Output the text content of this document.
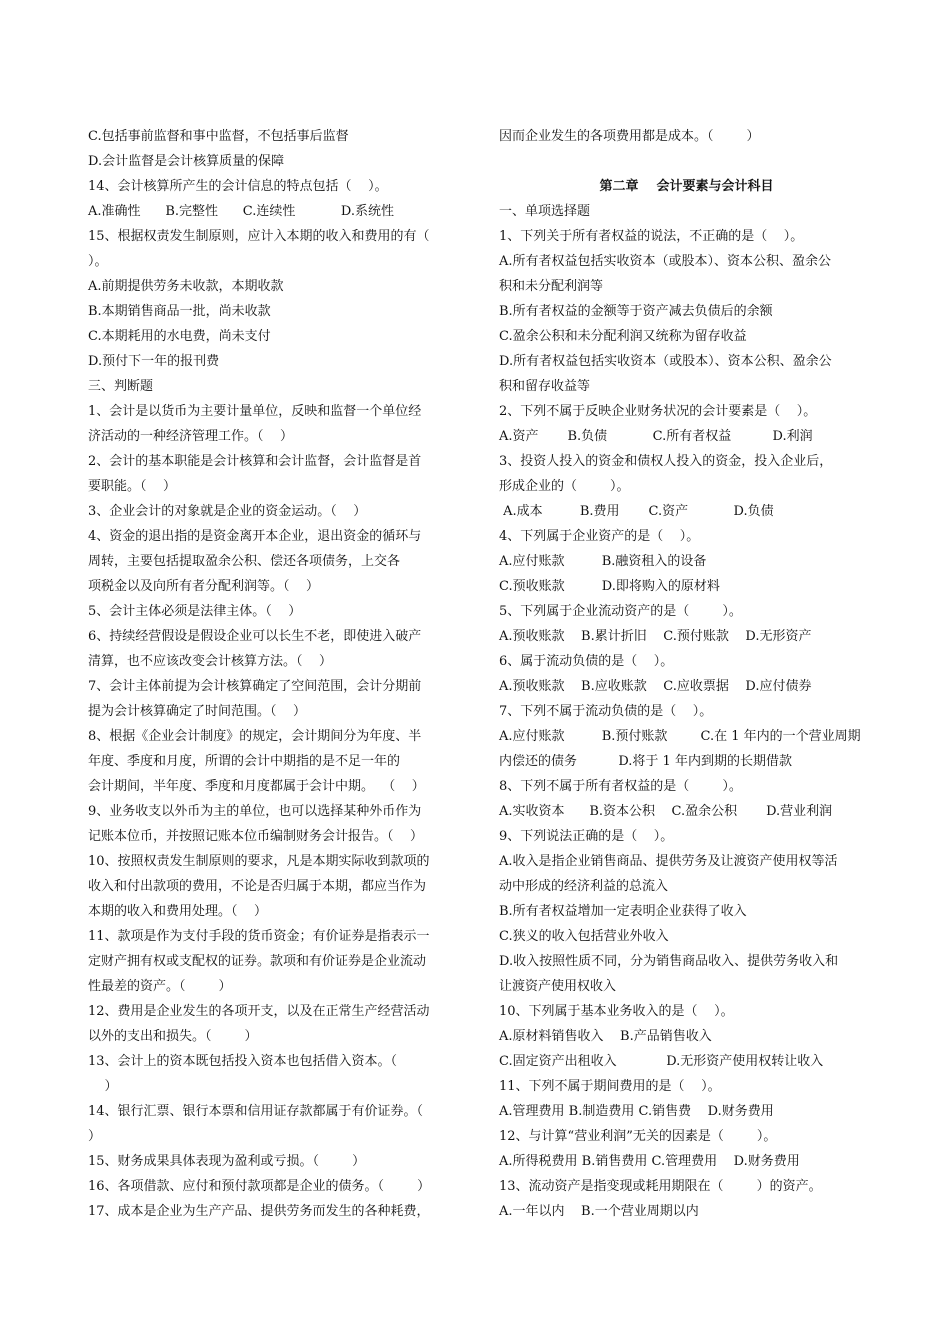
C.包括事前监督和事中监督，不包括事后监督
D.会计监督是会计核算质量的保障
14、会计核算所产生的会计信息的特点包括（    ）。
A.准确性      B.完整性      C.连续性           D.系统性
15、根据权责发生制原则，应计入本期的收入和费用的有（
）。
A.前期提供劳务未收款，本期收款
B.本期销售商品一批，尚未收款
C.本期耗用的水电费，尚未支付
D.预付下一年的报刊费
三、判断题
1、会计是以货币为主要计量单位，反映和监督一个单位经
济活动的一种经济管理工作。（    ）
2、会计的基本职能是会计核算和会计监督，会计监督是首
要职能。（    ）
3、企业会计的对象就是企业的资金运动。（    ）
4、资金的退出指的是资金离开本企业，退出资金的循环与
周转，主要包括提取盈余公积、偿还各项债务，上交各
项税金以及向所有者分配利润等。（    ）
5、会计主体必须是法律主体。（    ）
6、持续经营假设是假设企业可以长生不老，即使进入破产
清算，也不应该改变会计核算方法。（    ）
7、会计主体前提为会计核算确定了空间范围，会计分期前
提为会计核算确定了时间范围。（    ）
8、根据《企业会计制度》的规定，会计期间分为年度、半
年度、季度和月度，所谓的会计中期指的是不足一年的
会计期间，半年度、季度和月度都属于会计中期。  （    ）
9、业务收支以外币为主的单位，也可以选择某种外币作为
记账本位币，并按照记账本位币编制财务会计报告。（    ）
10、按照权责发生制原则的要求，凡是本期实际收到款项的
收入和付出款项的费用，不论是否归属于本期，都应当作为
本期的收入和费用处理。（    ）
11、款项是作为支付手段的货币资金；有价证券是指表示一
定财产拥有权或支配权的证券。款项和有价证券是企业流动
性最差的资产。（        ）
12、费用是企业发生的各项开支，以及在正常生产经营活动
以外的支出和损失。（        ）
13、会计上的资本既包括投入资本也包括借入资本。（
）
14、银行汇票、银行本票和信用证存款都属于有价证券。（
）
15、财务成果具体表现为盈利或亏损。（        ）
16、各项借款、应付和预付款项都是企业的债务。（        ）
17、成本是企业为生产产品、提供劳务而发生的各种耗费，
因而企业发生的各项费用都是成本。（        ）
第二章    会计要素与会计科目
一、单项选择题
1、下列关于所有者权益的说法，不正确的是（    ）。
A.所有者权益包括实收资本（或股本）、资本公积、盈余公
积和未分配利润等
B.所有者权益的金额等于资产减去负债后的余额
C.盈余公积和未分配利润又统称为留存收益
D.所有者权益包括实收资本（或股本）、资本公积、盈余公
积和留存收益等
2、下列不属于反映企业财务状况的会计要素是（    ）。
A.资产       B.负债           C.所有者权益          D.利润
3、投资人投入的资金和债权人投入的资金，投入企业后，
形成企业的（        ）。
A.成本         B.费用       C.资产           D.负债
4、下列属于企业资产的是（    ）。
A.应付账款         B.融资租入的设备
C.预收账款         D.即将购入的原材料
5、下列属于企业流动资产的是（        ）。
A.预收账款    B.累计折旧    C.预付账款    D.无形资产
6、属于流动负债的是（    ）。
A.预收账款    B.应收账款    C.应收票据    D.应付债券
7、下列不属于流动负债的是（    ）。
A.应付账款         B.预付账款        C.在 1 年内的一个营业周期
内偿还的债务          D.将于 1 年内到期的长期借款
8、下列不属于所有者权益的是（        ）。
A.实收资本      B.资本公积    C.盈余公积       D.营业利润
9、下列说法正确的是（    ）。
A.收入是指企业销售商品、提供劳务及让渡资产使用权等活
动中形成的经济利益的总流入
B.所有者权益增加一定表明企业获得了收入
C.狭义的收入包括营业外收入
D.收入按照性质不同，分为销售商品收入、提供劳务收入和
让渡资产使用权收入
10、下列属于基本业务收入的是（    ）。
A.原材料销售收入    B.产品销售收入
C.固定资产出租收入            D.无形资产使用权转让收入
11、下列不属于期间费用的是（    ）。
A.管理费用 B.制造费用 C.销售费    D.财务费用
12、与计算“营业利润”无关的因素是（        ）。
A.所得税费用 B.销售费用 C.管理费用    D.财务费用
13、流动资产是指变现或耗用期限在（        ）的资产。
A.一年以内    B.一个营业周期以内
